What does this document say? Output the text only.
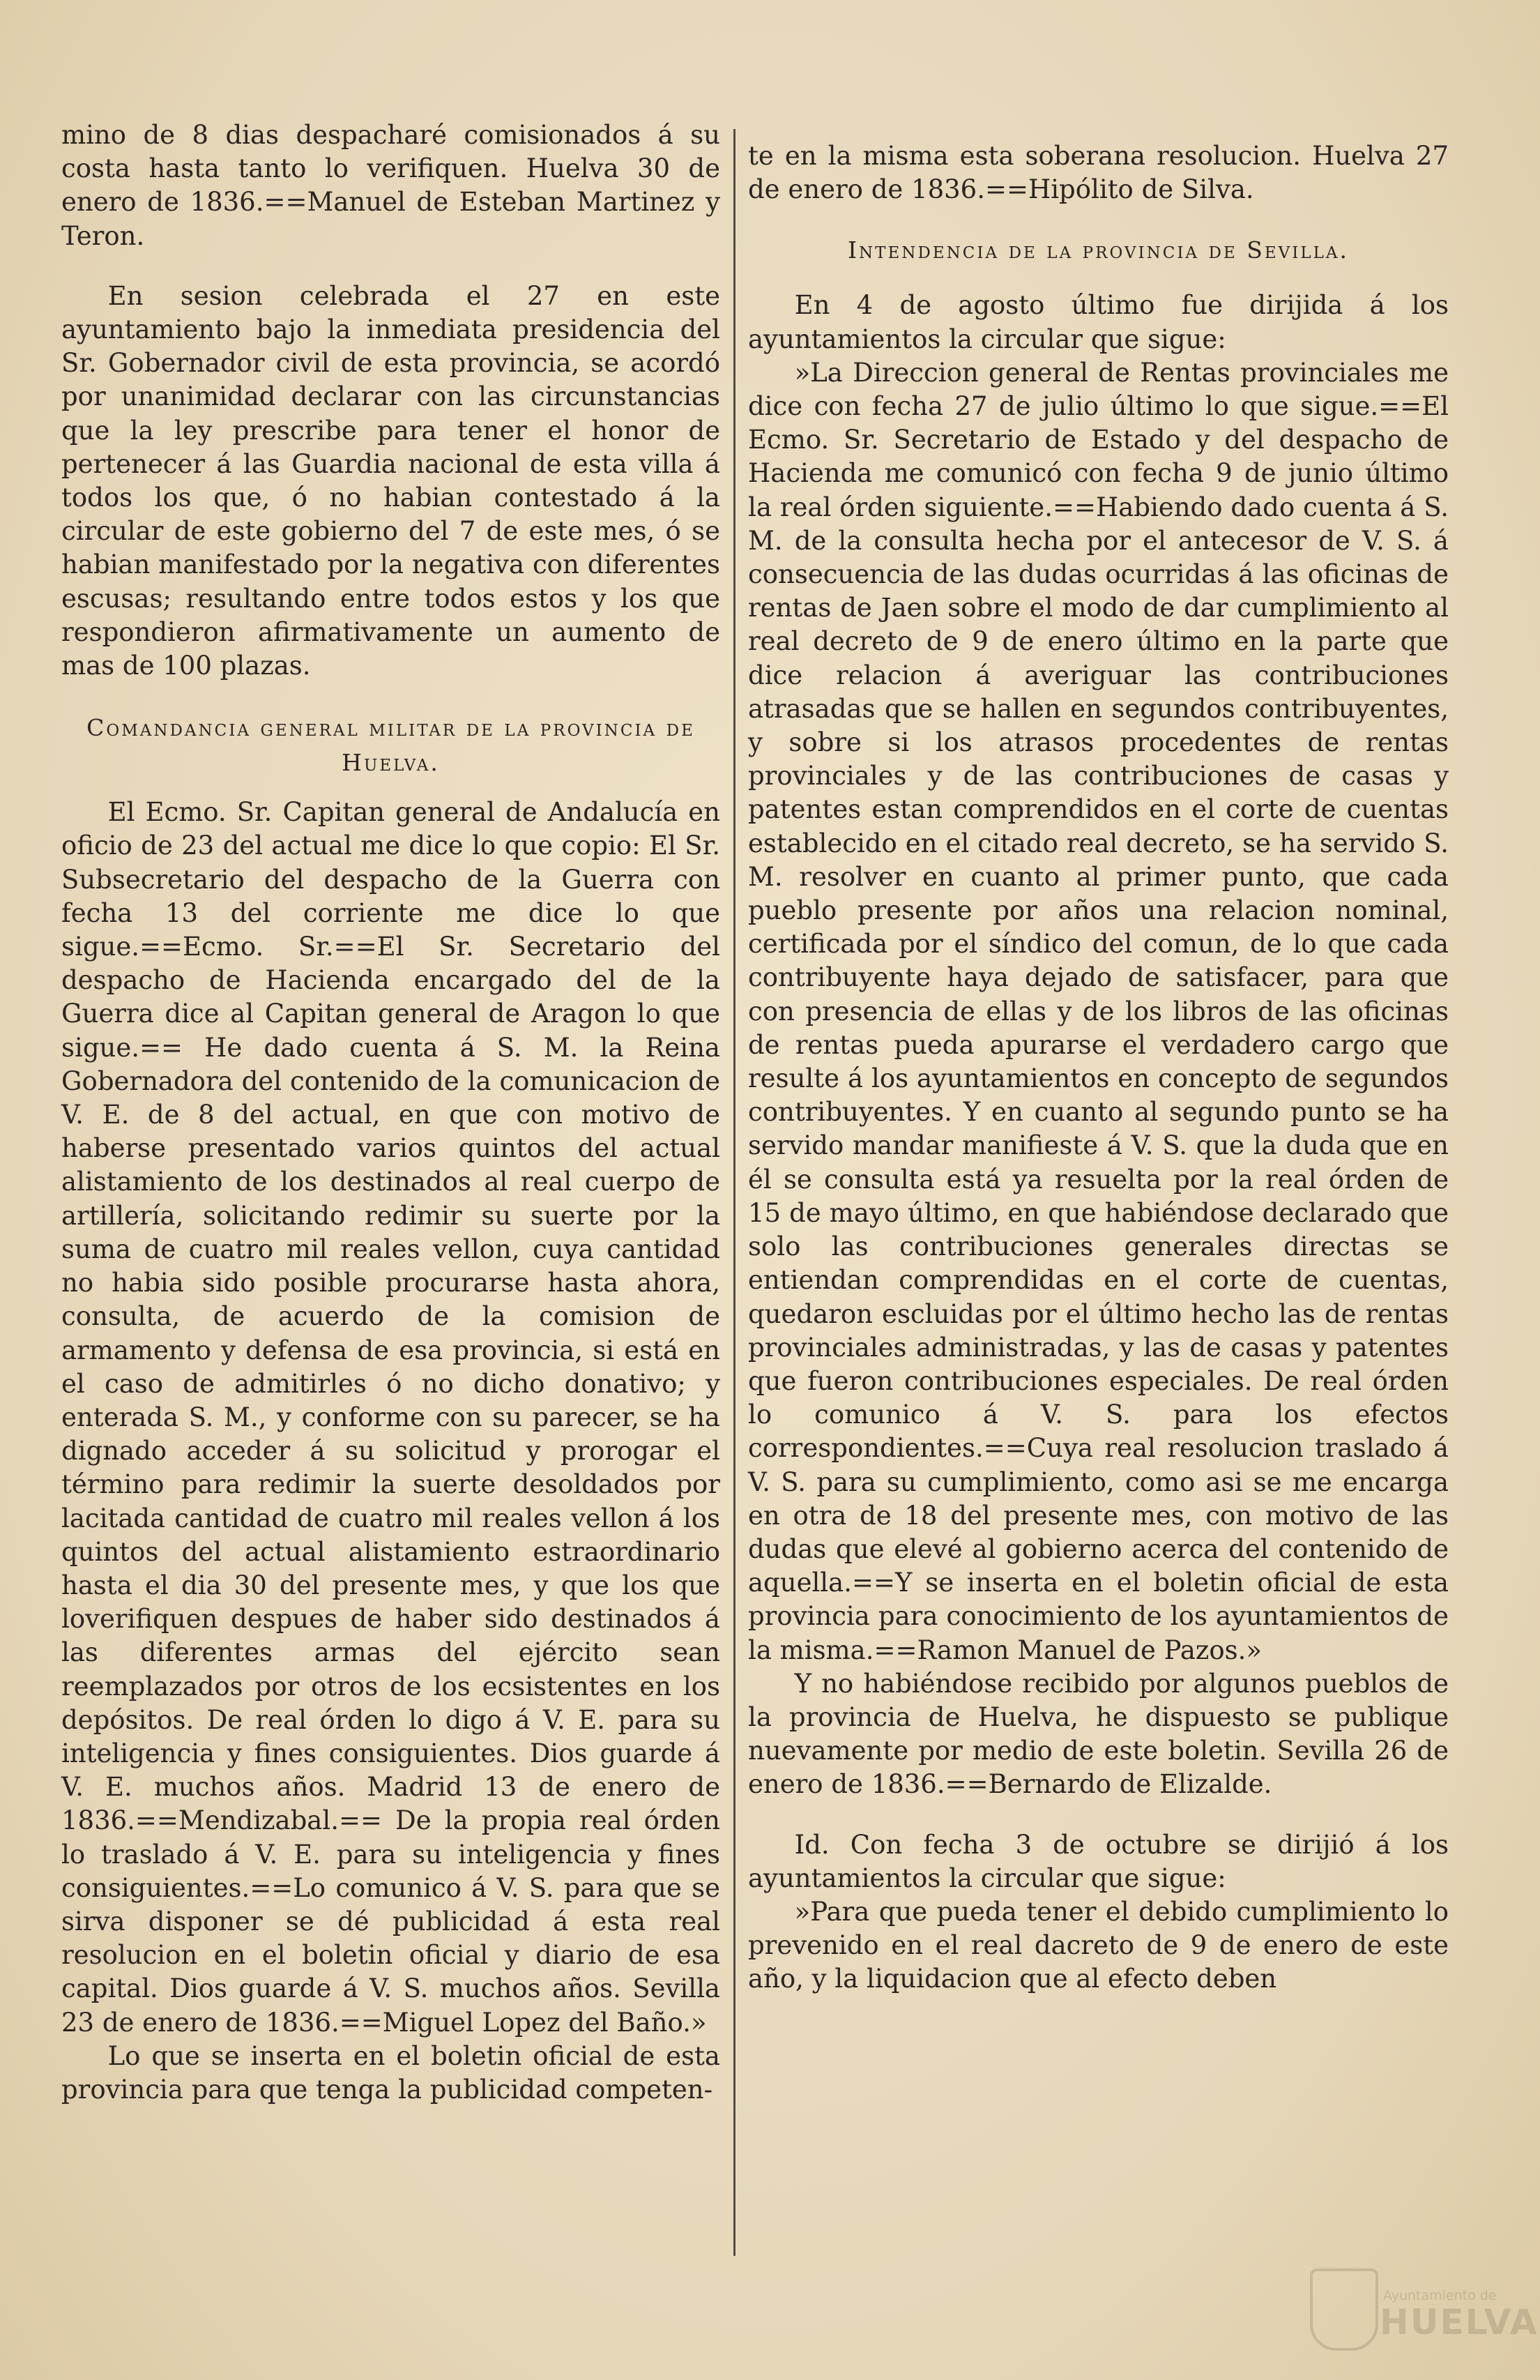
mino de 8 dias despacharé comisionados á su costa hasta tanto lo verifiquen. Huelva 30 de enero de 1836.==Manuel de Esteban Martinez y Teron.

En sesion celebrada el 27 en este ayuntamiento bajo la inmediata presidencia del Sr. Gobernador civil de esta provincia, se acordó por unanimidad declarar con las circunstancias que la ley prescribe para tener el honor de pertenecer á las Guardia nacional de esta villa á todos los que, ó no habian contestado á la circular de este gobierno del 7 de este mes, ó se habian manifestado por la negativa con diferentes escusas; resultando entre todos estos y los que respondieron afirmativamente un aumento de mas de 100 plazas.

Comandancia general militar de la provincia de Huelva.

El Ecmo. Sr. Capitan general de Andalucía en oficio de 23 del actual me dice lo que copio: El Sr. Subsecretario del despacho de la Guerra con fecha 13 del corriente me dice lo que sigue.==Ecmo. Sr.==El Sr. Secretario del despacho de Hacienda encargado del de la Guerra dice al Capitan general de Aragon lo que sigue.== He dado cuenta á S. M. la Reina Gobernadora del contenido de la comunicacion de V. E. de 8 del actual, en que con motivo de haberse presentado varios quintos del actual alistamiento de los destinados al real cuerpo de artillería, solicitando redimir su suerte por la suma de cuatro mil reales vellon, cuya cantidad no habia sido posible procurarse hasta ahora, consulta, de acuerdo de la comision de armamento y defensa de esa provincia, si está en el caso de admitirles ó no dicho donativo; y enterada S. M., y conforme con su parecer, se ha dignado acceder á su solicitud y prorogar el término para redimir la suerte desoldados por lacitada cantidad de cuatro mil reales vellon á los quintos del actual alistamiento estraordinario hasta el dia 30 del presente mes, y que los que loverifiquen despues de haber sido destinados á las diferentes armas del ejército sean reemplazados por otros de los ecsistentes en los depósitos. De real órden lo digo á V. E. para su inteligencia y fines consiguientes. Dios guarde á V. E. muchos años. Madrid 13 de enero de 1836.==Mendizabal.== De la propia real órden lo traslado á V. E. para su inteligencia y fines consiguientes.==Lo comunico á V. S. para que se sirva disponer se dé publicidad á esta real resolucion en el boletin oficial y diario de esa capital. Dios guarde á V. S. muchos años. Sevilla 23 de enero de 1836.==Miguel Lopez del Baño.»

Lo que se inserta en el boletin oficial de esta provincia para que tenga la publicidad competen-

te en la misma esta soberana resolucion. Huelva 27 de enero de 1836.==Hipólito de Silva.

Intendencia de la provincia de Sevilla.

En 4 de agosto último fue dirijida á los ayuntamientos la circular que sigue:

»La Direccion general de Rentas provinciales me dice con fecha 27 de julio último lo que sigue.==El Ecmo. Sr. Secretario de Estado y del despacho de Hacienda me comunicó con fecha 9 de junio último la real órden siguiente.==Habiendo dado cuenta á S. M. de la consulta hecha por el antecesor de V. S. á consecuencia de las dudas ocurridas á las oficinas de rentas de Jaen sobre el modo de dar cumplimiento al real decreto de 9 de enero último en la parte que dice relacion á averiguar las contribuciones atrasadas que se hallen en segundos contribuyentes, y sobre si los atrasos procedentes de rentas provinciales y de las contribuciones de casas y patentes estan comprendidos en el corte de cuentas establecido en el citado real decreto, se ha servido S. M. resolver en cuanto al primer punto, que cada pueblo presente por años una relacion nominal, certificada por el síndico del comun, de lo que cada contribuyente haya dejado de satisfacer, para que con presencia de ellas y de los libros de las oficinas de rentas pueda apurarse el verdadero cargo que resulte á los ayuntamientos en concepto de segundos contribuyentes. Y en cuanto al segundo punto se ha servido mandar manifieste á V. S. que la duda que en él se consulta está ya resuelta por la real órden de 15 de mayo último, en que habiéndose declarado que solo las contribuciones generales directas se entiendan comprendidas en el corte de cuentas, quedaron escluidas por el último hecho las de rentas provinciales administradas, y las de casas y patentes que fueron contribuciones especiales. De real órden lo comunico á V. S. para los efectos correspondientes.==Cuya real resolucion traslado á V. S. para su cumplimiento, como asi se me encarga en otra de 18 del presente mes, con motivo de las dudas que elevé al gobierno acerca del contenido de aquella.==Y se inserta en el boletin oficial de esta provincia para conocimiento de los ayuntamientos de la misma.==Ramon Manuel de Pazos.»

Y no habiéndose recibido por algunos pueblos de la provincia de Huelva, he dispuesto se publique nuevamente por medio de este boletin. Sevilla 26 de enero de 1836.==Bernardo de Elizalde.

Id. Con fecha 3 de octubre se dirijió á los ayuntamientos la circular que sigue:

»Para que pueda tener el debido cumplimiento lo prevenido en el real dacreto de 9 de enero de este año, y la liquidacion que al efecto deben

Ayuntamiento de
HUELVA
